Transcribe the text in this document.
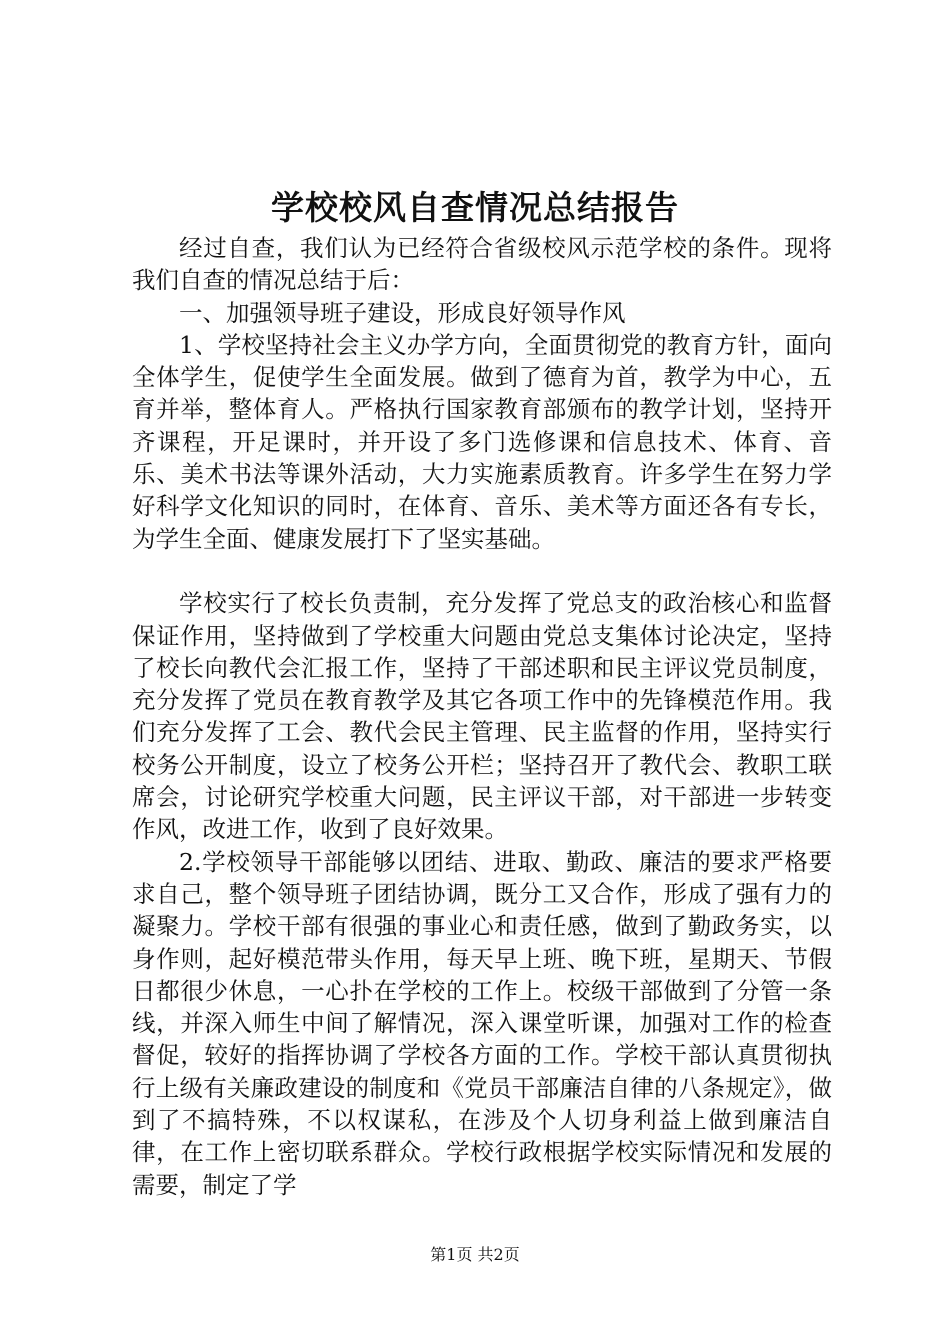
学校校风自查情况总结报告

经过自查，我们认为已经符合省级校风示范学校的条件。现将我们自查的情况总结于后：

一、加强领导班子建设，形成良好领导作风

1、学校坚持社会主义办学方向，全面贯彻党的教育方针，面向全体学生，促使学生全面发展。做到了德育为首，教学为中心，五育并举，整体育人。严格执行国家教育部颁布的教学计划，坚持开齐课程，开足课时，并开设了多门选修课和信息技术、体育、音乐、美术书法等课外活动，大力实施素质教育。许多学生在努力学好科学文化知识的同时，在体育、音乐、美术等方面还各有专长，为学生全面、健康发展打下了坚实基础。

学校实行了校长负责制，充分发挥了党总支的政治核心和监督保证作用，坚持做到了学校重大问题由党总支集体讨论决定，坚持了校长向教代会汇报工作，坚持了干部述职和民主评议党员制度，充分发挥了党员在教育教学及其它各项工作中的先锋模范作用。我们充分发挥了工会、教代会民主管理、民主监督的作用，坚持实行校务公开制度，设立了校务公开栏；坚持召开了教代会、教职工联席会，讨论研究学校重大问题，民主评议干部，对干部进一步转变作风，改进工作，收到了良好效果。

2.学校领导干部能够以团结、进取、勤政、廉洁的要求严格要求自己，整个领导班子团结协调，既分工又合作，形成了强有力的凝聚力。学校干部有很强的事业心和责任感，做到了勤政务实，以身作则，起好模范带头作用，每天早上班、晚下班，星期天、节假日都很少休息，一心扑在学校的工作上。校级干部做到了分管一条线，并深入师生中间了解情况，深入课堂听课，加强对工作的检查督促，较好的指挥协调了学校各方面的工作。学校干部认真贯彻执行上级有关廉政建设的制度和《党员干部廉洁自律的八条规定》，做到了不搞特殊，不以权谋私，在涉及个人切身利益上做到廉洁自律，在工作上密切联系群众。学校行政根据学校实际情况和发展的需要，制定了学

第1页 共2页
